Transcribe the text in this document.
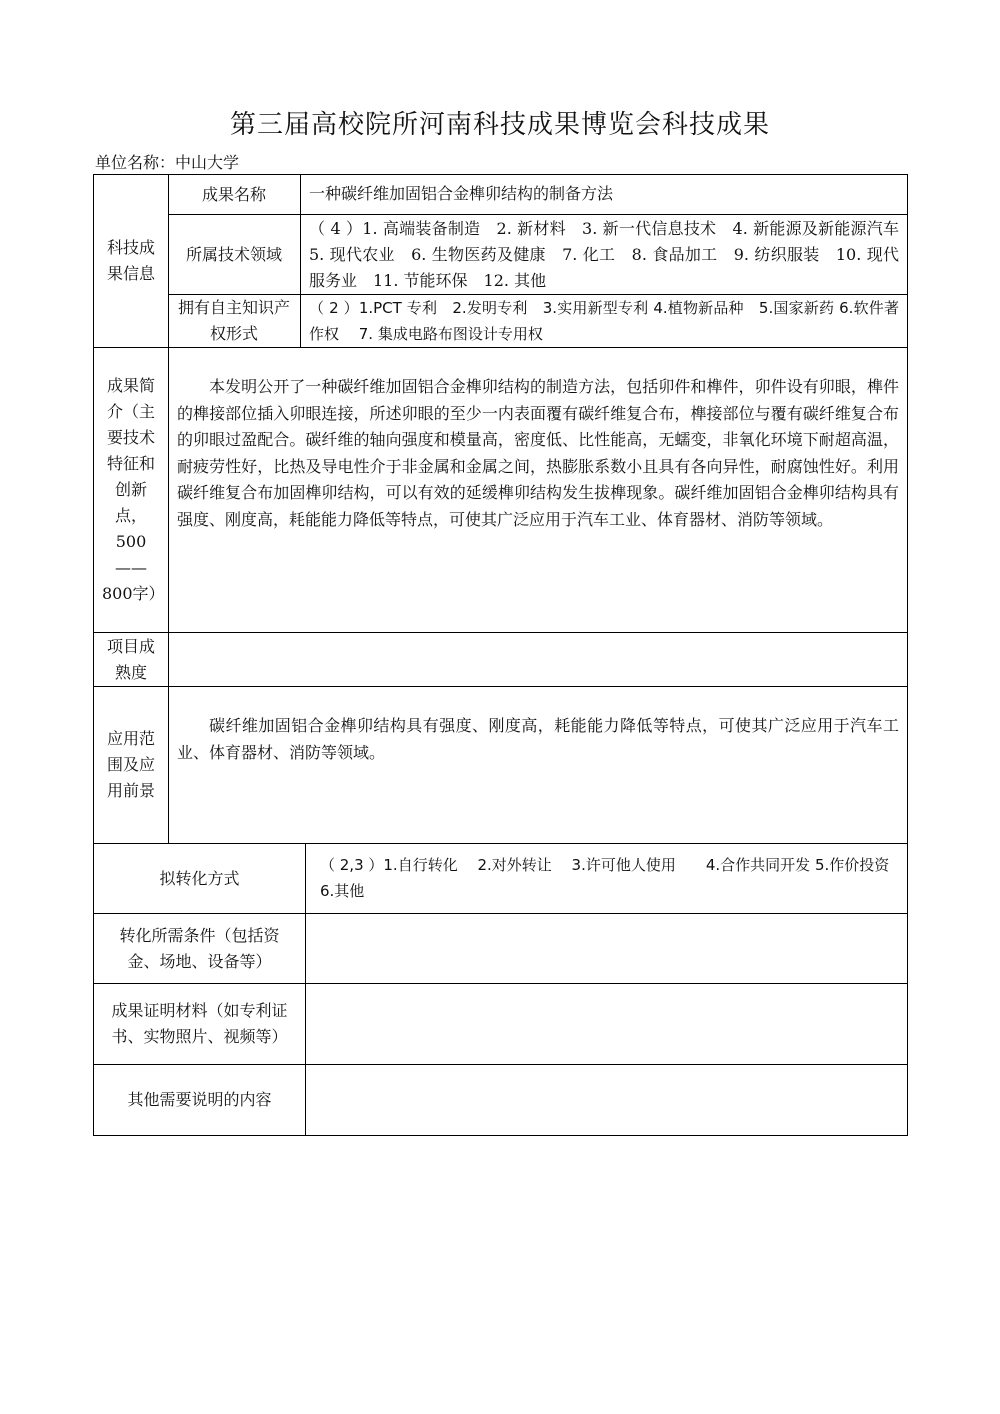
第三届高校院所河南科技成果博览会科技成果
单位名称：中山大学
科技成果信息
成果名称	一种碳纤维加固铝合金榫卯结构的制备方法
所属技术领域
（ 4 ）1. 高端装备制造　2. 新材料　3. 新一代信息技术　4. 新能源及新能源汽车　5. 现代农业　6. 生物医药及健康　7. 化工　8. 食品加工　9. 纺织服装　10. 现代服务业　11. 节能环保　12. 其他
拥有自主知识产权形式
（ 2 ）1.PCT 专利　2.发明专利　3.实用新型专利 4.植物新品种　5.国家新药 6.软件著作权　 7. 集成电路布图设计专用权
成果简介（主要技术特征和创新点，500——800字）
本发明公开了一种碳纤维加固铝合金榫卯结构的制造方法，包括卯件和榫件，卯件设有卯眼，榫件的榫接部位插入卯眼连接，所述卯眼的至少一内表面覆有碳纤维复合布，榫接部位与覆有碳纤维复合布的卯眼过盈配合。碳纤维的轴向强度和模量高，密度低、比性能高，无蠕变，非氧化环境下耐超高温，耐疲劳性好，比热及导电性介于非金属和金属之间，热膨胀系数小且具有各向异性，耐腐蚀性好。利用碳纤维复合布加固榫卯结构，可以有效的延缓榫卯结构发生拔榫现象。碳纤维加固铝合金榫卯结构具有强度、刚度高，耗能能力降低等特点，可使其广泛应用于汽车工业、体育器材、消防等领域。
项目成熟度
应用范围及应用前景
碳纤维加固铝合金榫卯结构具有强度、刚度高，耗能能力降低等特点，可使其广泛应用于汽车工业、体育器材、消防等领域。
拟转化方式
（ 2,3 ）1.自行转化　 2.对外转让　 3.许可他人使用　　4.合作共同开发 5.作价投资　 6.其他
转化所需条件（包括资金、场地、设备等）
成果证明材料（如专利证书、实物照片、视频等）
其他需要说明的内容
